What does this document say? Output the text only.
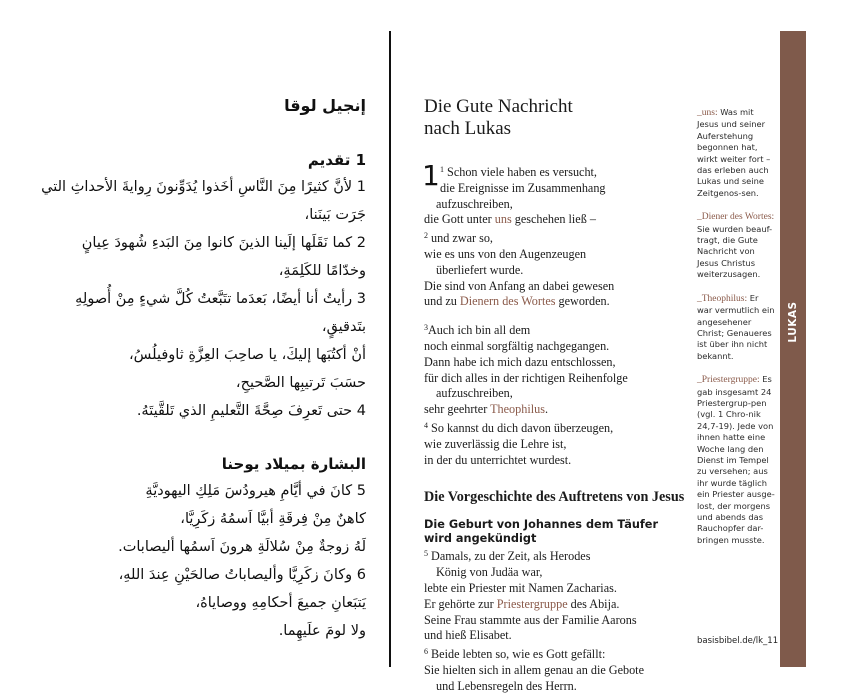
إنجيل لوقا
1 تقديم

1 لأنَّ كثيرًا مِنَ النَّاسِ أخَذوا يُدَوِّنونَ رِوايةَ الأحداثِ التي

جَرَت بَينَنا،

2 كما نَقَلَها إلَينا الذينَ كانوا مِنَ البَدءِ شُهودَ عِيانٍ

وخدّامًا للكَلِمَةِ،

3 رأيتُ أنا أيضًا، بَعدَما تتَبَّعتُ كُلَّ شيءٍ مِنْ أُصولِهِ

بتَدقيقٍ،

أنْ أكتُبَها إليكَ، يا صاحِبَ العِزَّةِ ثاوفيلُسُ،

حسَبَ تَرتيبِها الصَّحيحِ،

4 حتى تَعرِفَ صِحَّةَ التَّعليمِ الذي تَلقَّيتَهُ.

البشارة بميلاد يوحنا

5 كانَ في أيَّامِ هيرودُسَ مَلِكِ اليهوديَّةِ

كاهنٌ مِنْ فِرقَةِ أبيَّا اَسمُهُ زكَرِيَّا،

لَهُ زوجةٌ مِنْ سُلالَةِ هرونَ اَسمُها أليصابات.

6 وكانَ زكَرِيَّا وأليصاباتُ صالحَيْنِ عِندَ اللهِ،

يَتبَعانِ جميعَ أحكامِهِ ووصاياهُ،

ولا لومَ علَيهِما.

Die Gute Nachricht
nach Lukas
1 $^1$ Schon viele haben es versucht,

die Ereignisse im Zusammenhang

aufzuschreiben,

die Gott unter uns geschehen ließ –

$^2$ und zwar so,

wie es uns von den Augenzeugen

überliefert wurde.

Die sind von Anfang an dabei gewesen

und zu Dienern des Wortes geworden.

$^3$Auch ich bin all dem

noch einmal sorgfältig nachgegangen.

Dann habe ich mich dazu entschlossen,

für dich alles in der richtigen Reihenfolge

aufzuschreiben,

sehr geehrter Theophilus.

$^4$ So kannst du dich davon überzeugen,

wie zuverlässig die Lehre ist,

in der du unterrichtet wurdest.

Die Vorgeschichte des Auftretens von Jesus
Die Geburt von Johannes dem Täufer
wird angekündigt

$^5$ Damals, zu der Zeit, als Herodes

König von Judäa war,

lebte ein Priester mit Namen Zacharias.

Er gehörte zur Priestergruppe des Abija.

Seine Frau stammte aus der Familie Aarons

und hieß Elisabet.

$^6$ Beide lebten so, wie es Gott gefällt:

Sie hielten sich in allem genau an die Gebote

und Lebensregeln des Herrn.

_uns: Was mit Jesus und seiner Auferstehung begonnen hat, wirkt weiter fort – das erleben auch Lukas und seine Zeitgenos-sen.

_Diener des Wortes: Sie wurden beauf-tragt, die Gute Nachricht von Jesus Christus weiterzusagen.

_Theophilus: Er war vermutlich ein angesehener Christ; Genaueres ist über ihn nicht bekannt.

_Priestergruppe: Es gab insgesamt 24 Priestergrup-pen (vgl. 1 Chro-nik 24,7-19). Jede von ihnen hatte eine Woche lang den Dienst im Tempel zu versehen; aus ihr wurde täglich ein Priester ausge-lost, der morgens und abends das Rauchopfer dar-bringen musste.

basisbibel.de/lk_11
LUKAS
